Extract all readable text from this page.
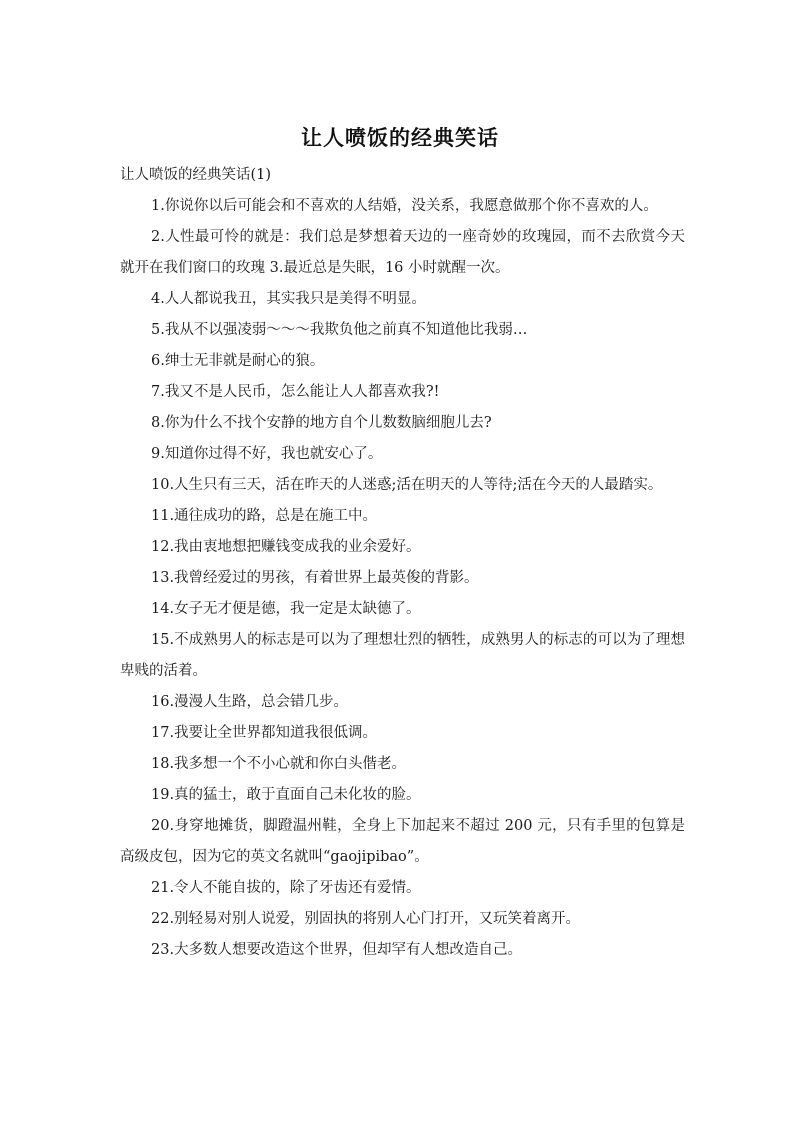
让人喷饭的经典笑话

让人喷饭的经典笑话(1)

1.你说你以后可能会和不喜欢的人结婚，没关系，我愿意做那个你不喜欢的人。

2.人性最可怜的就是：我们总是梦想着天边的一座奇妙的玫瑰园，而不去欣赏今天就开在我们窗口的玫瑰 3.最近总是失眠，16 小时就醒一次。

4.人人都说我丑，其实我只是美得不明显。

5.我从不以强凌弱～～～我欺负他之前真不知道他比我弱…

6.绅士无非就是耐心的狼。

7.我又不是人民币，怎么能让人人都喜欢我?!

8.你为什么不找个安静的地方自个儿数数脑细胞儿去?

9.知道你过得不好，我也就安心了。

10.人生只有三天，活在昨天的人迷惑;活在明天的人等待;活在今天的人最踏实。

11.通往成功的路，总是在施工中。

12.我由衷地想把赚钱变成我的业余爱好。

13.我曾经爱过的男孩，有着世界上最英俊的背影。

14.女子无才便是德，我一定是太缺德了。

15.不成熟男人的标志是可以为了理想壮烈的牺牲，成熟男人的标志的可以为了理想卑贱的活着。

16.漫漫人生路，总会错几步。

17.我要让全世界都知道我很低调。

18.我多想一个不小心就和你白头偕老。

19.真的猛士，敢于直面自己未化妆的脸。

20.身穿地摊货，脚蹬温州鞋，全身上下加起来不超过 200 元，只有手里的包算是高级皮包，因为它的英文名就叫“gaojipibao”。

21.令人不能自拔的，除了牙齿还有爱情。

22.别轻易对别人说爱，别固执的将别人心门打开，又玩笑着离开。

23.大多数人想要改造这个世界，但却罕有人想改造自己。
